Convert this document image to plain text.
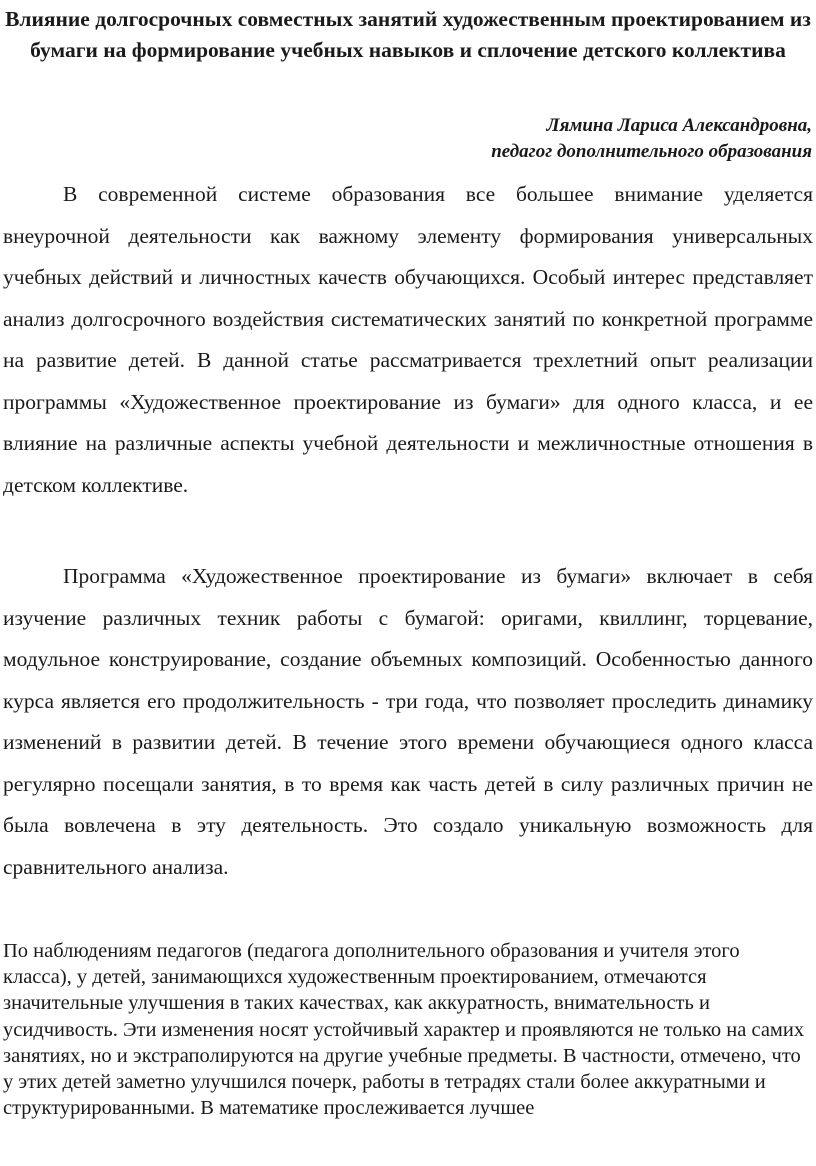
Влияние долгосрочных совместных занятий художественным проектированием из бумаги на формирование учебных навыков и сплочение детского коллектива
Лямина Лариса Александровна,
педагог дополнительного образования

В современной системе образования все большее внимание уделяется внеурочной деятельности как важному элементу формирования универсальных учебных действий и личностных качеств обучающихся. Особый интерес представляет анализ долгосрочного воздействия систематических занятий по конкретной программе на развитие детей. В данной статье рассматривается трехлетний опыт реализации программы «Художественное проектирование из бумаги» для одного класса, и ее влияние на различные аспекты учебной деятельности и межличностные отношения в детском коллективе.

Программа «Художественное проектирование из бумаги» включает в себя изучение различных техник работы с бумагой: оригами, квиллинг, торцевание, модульное конструирование, создание объемных композиций. Особенностью данного курса является его продолжительность - три года, что позволяет проследить динамику изменений в развитии детей. В течение этого времени обучающиеся одного класса регулярно посещали занятия, в то время как часть детей в силу различных причин не была вовлечена в эту деятельность. Это создало уникальную возможность для сравнительного анализа.

По наблюдениям педагогов (педагога дополнительного образования и учителя этого класса), у детей, занимающихся художественным проектированием, отмечаются значительные улучшения в таких качествах, как аккуратность, внимательность и усидчивость. Эти изменения носят устойчивый характер и проявляются не только на самих занятиях, но и экстраполируются на другие учебные предметы. В частности, отмечено, что у этих детей заметно улучшился почерк, работы в тетрадях стали более аккуратными и структурированными. В математике прослеживается лучшее
